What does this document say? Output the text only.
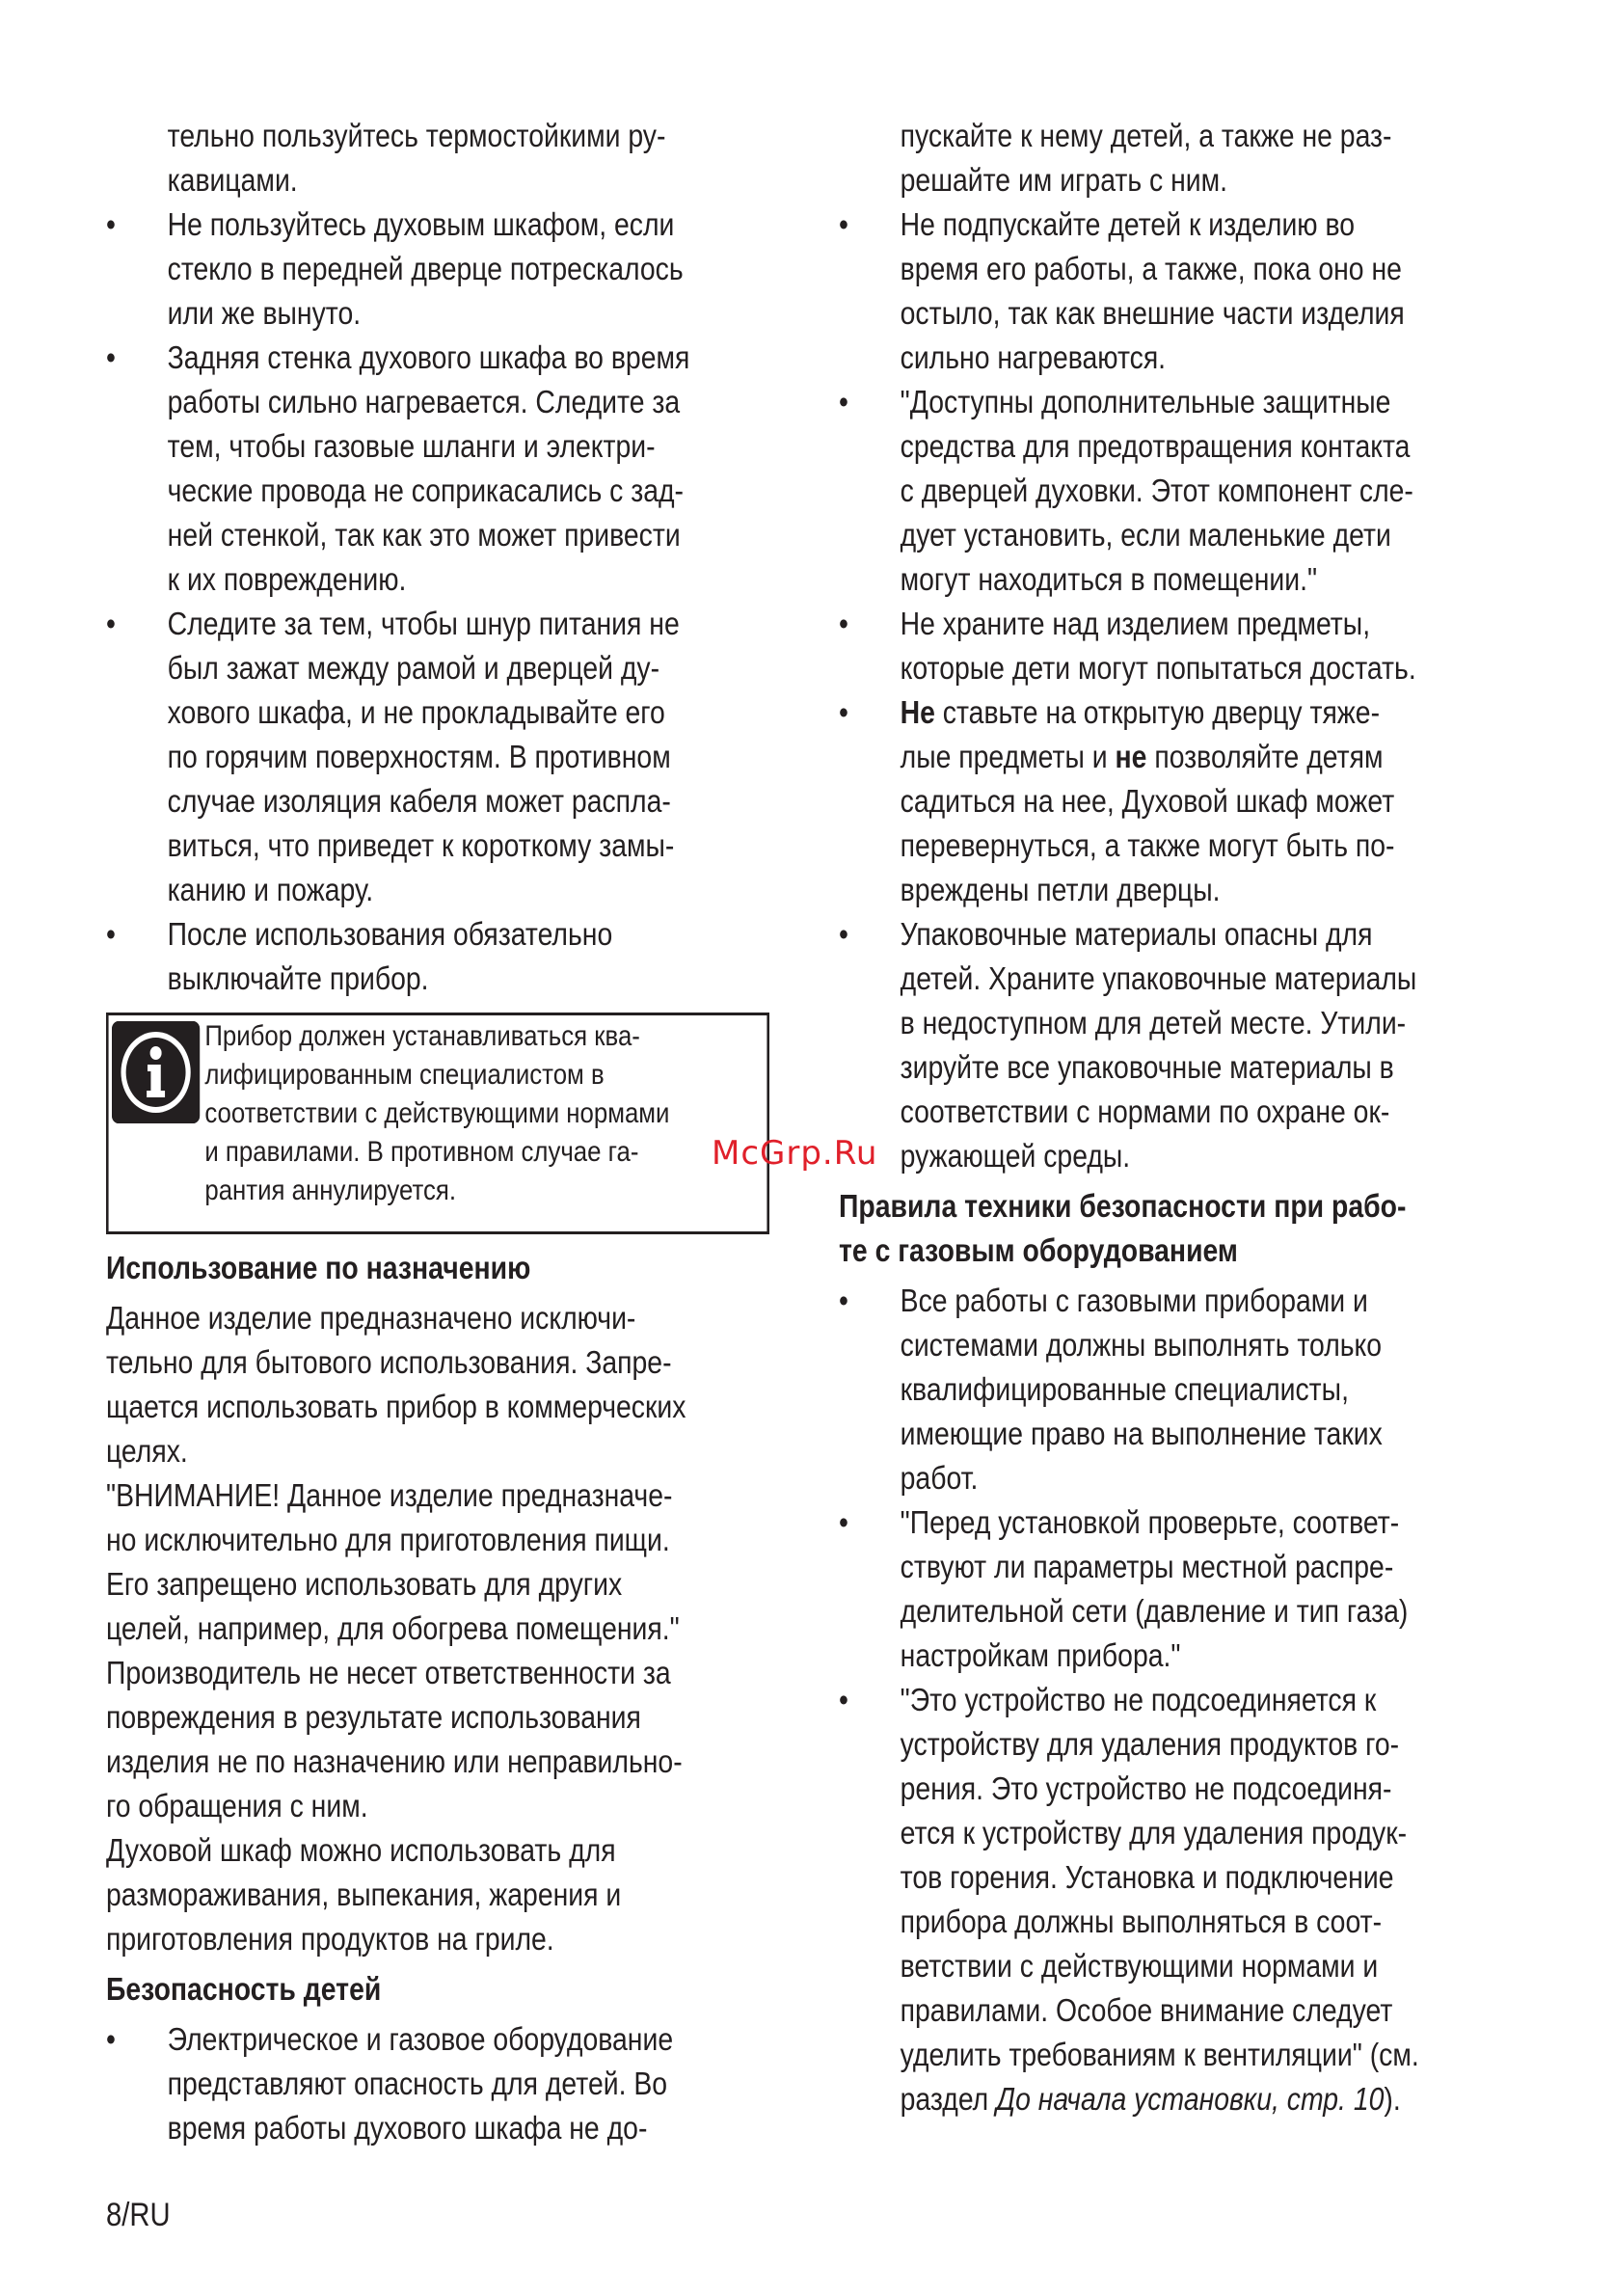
тельно пользуйтесь термостойкими ру-
кавицами.
•	Не пользуйтесь духовым шкафом, если
стекло в передней дверце потрескалось
или же вынуто.
•	Задняя стенка духового шкафа во время
работы сильно нагревается. Следите за
тем, чтобы газовые шланги и электри-
ческие провода не соприкасались с зад-
ней стенкой, так как это может привести
к их повреждению.
•	Следите за тем, чтобы шнур питания не
был зажат между рамой и дверцей ду-
хового шкафа, и не прокладывайте его
по горячим поверхностям. В противном
случае изоляция кабеля может распла-
виться, что приведет к короткому замы-
канию и пожару.
•	После использования обязательно
выключайте прибор.
Прибор должен устанавливаться ква-
лифицированным специалистом в
соответствии с действующими нормами
и правилами. В противном случае га-
рантия аннулируется.
Использование по назначению
Данное изделие предназначено исключи-
тельно для бытового использования. Запре-
щается использовать прибор в коммерческих
целях.
"ВНИМАНИЕ! Данное изделие предназначе-
но исключительно для приготовления пищи.
Его запрещено использовать для других
целей, например, для обогрева помещения."
Производитель не несет ответственности за
повреждения в результате использования
изделия не по назначению или неправильно-
го обращения с ним.
Духовой шкаф можно использовать для
размораживания, выпекания, жарения и
приготовления продуктов на гриле.
Безопасность детей
•	Электрическое и газовое оборудование
представляют опасность для детей. Во
время работы духового шкафа не до-
пускайте к нему детей, а также не раз-
решайте им играть с ним.
•	Не подпускайте детей к изделию во
время его работы, а также, пока оно не
остыло, так как внешние части изделия
сильно нагреваются.
•	"Доступны дополнительные защитные
средства для предотвращения контакта
с дверцей духовки. Этот компонент сле-
дует установить, если маленькие дети
могут находиться в помещении."
•	Не храните над изделием предметы,
которые дети могут попытаться достать.
•	Не ставьте на открытую дверцу тяже-
лые предметы и не позволяйте детям
садиться на нее, Духовой шкаф может
перевернуться, а также могут быть по-
вреждены петли дверцы.
•	Упаковочные материалы опасны для
детей. Храните упаковочные материалы
в недоступном для детей месте. Утили-
зируйте все упаковочные материалы в
соответствии с нормами по охране ок-
ружающей среды.
Правила техники безопасности при рабо-
те с газовым оборудованием
•	Все работы с газовыми приборами и
системами должны выполнять только
квалифицированные специалисты,
имеющие право на выполнение таких
работ.
•	"Перед установкой проверьте, соответ-
ствуют ли параметры местной распре-
делительной сети (давление и тип газа)
настройкам прибора."
•	"Это устройство не подсоединяется к
устройству для удаления продуктов го-
рения. Это устройство не подсоединя-
ется к устройству для удаления продук-
тов горения. Установка и подключение
прибора должны выполняться в соот-
ветствии с действующими нормами и
правилами. Особое внимание следует
уделить требованиям к вентиляции" (см.
раздел До начала установки, стр. 10).
McGrp.Ru
8/RU
